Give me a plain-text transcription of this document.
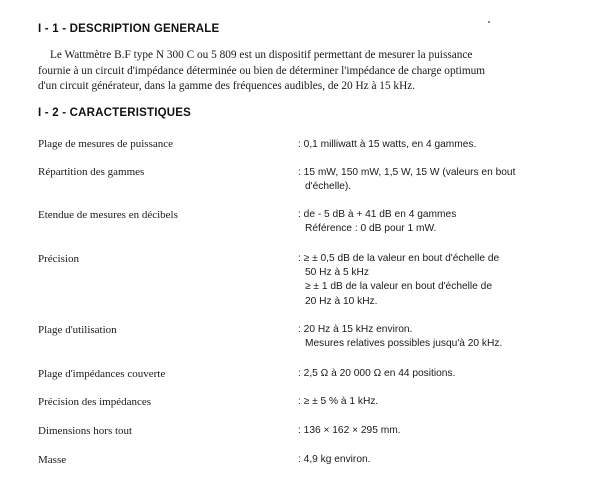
I - 1 - DESCRIPTION GENERALE
Le Wattmètre B.F type N 300 C ou 5 809 est un dispositif permettant de mesurer la puissance
fournie à un circuit d'impédance déterminée ou bien de déterminer l'impédance de charge optimum
d'un circuit générateur, dans la gamme des fréquences audibles, de 20 Hz à 15 kHz.
I - 2 - CARACTERISTIQUES
Plage de mesures de puissance	: 0,1 milliwatt à 15 watts, en 4 gammes.
Répartition des gammes	: 15 mW, 150 mW, 1,5 W, 15 W (valeurs en bout
d'échelle).
Etendue de mesures en décibels	: de - 5 dB à + 41 dB en 4 gammes
Référence : 0 dB pour 1 mW.
Précision	: ≥ ± 0,5 dB de la valeur en bout d'échelle de
50 Hz à 5 kHz
≥ ± 1 dB de la valeur en bout d'échelle de
20 Hz à 10 kHz.
Plage d'utilisation	: 20 Hz à 15 kHz environ.
Mesures relatives possibles jusqu'à 20 kHz.
Plage d'impédances couverte	: 2,5 Ω à 20 000 Ω en 44 positions.
Précision des impédances	: ≥ ± 5 % à 1 kHz.
Dimensions hors tout	: 136 × 162 × 295 mm.
Masse	: 4,9 kg environ.
